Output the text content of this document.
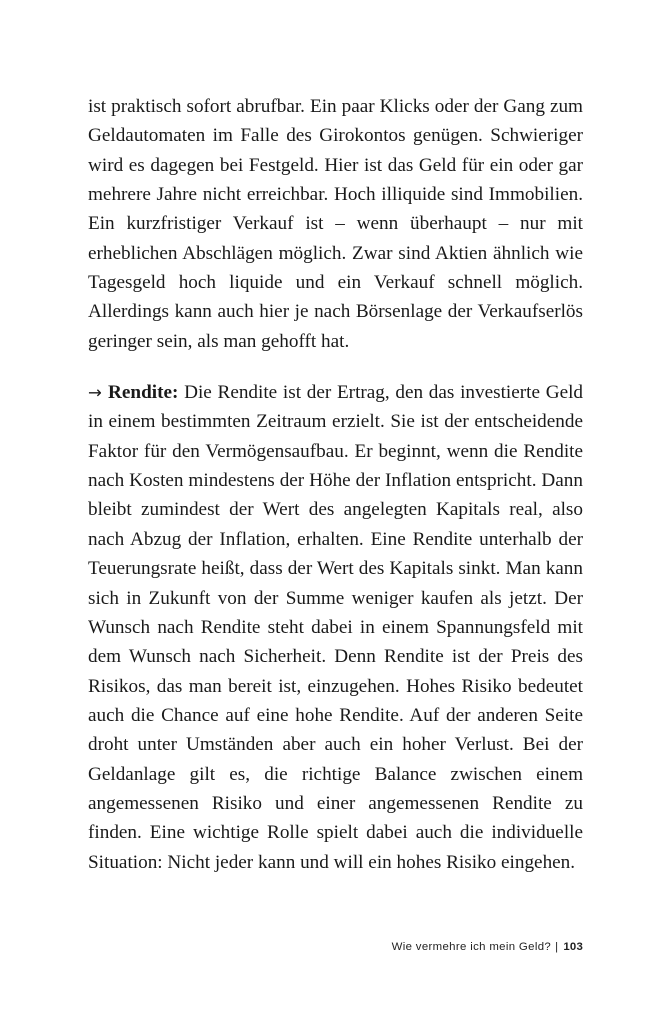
ist praktisch sofort abrufbar. Ein paar Klicks oder der Gang zum Geldautomaten im Falle des Girokontos genügen. Schwieriger wird es dagegen bei Festgeld. Hier ist das Geld für ein oder gar mehrere Jahre nicht erreichbar. Hoch illiquide sind Immobilien. Ein kurzfristiger Verkauf ist – wenn überhaupt – nur mit erheblichen Abschlägen möglich. Zwar sind Aktien ähnlich wie Tagesgeld hoch liquide und ein Verkauf schnell möglich. Allerdings kann auch hier je nach Börsenlage der Verkaufserlös geringer sein, als man gehofft hat.

→ Rendite: Die Rendite ist der Ertrag, den das investierte Geld in einem bestimmten Zeitraum erzielt. Sie ist der entscheidende Faktor für den Vermögensaufbau. Er beginnt, wenn die Rendite nach Kosten mindestens der Höhe der Inflation entspricht. Dann bleibt zumindest der Wert des angelegten Kapitals real, also nach Abzug der Inflation, erhalten. Eine Rendite unterhalb der Teuerungsrate heißt, dass der Wert des Kapitals sinkt. Man kann sich in Zukunft von der Summe weniger kaufen als jetzt. Der Wunsch nach Rendite steht dabei in einem Spannungsfeld mit dem Wunsch nach Sicherheit. Denn Rendite ist der Preis des Risikos, das man bereit ist, einzugehen. Hohes Risiko bedeutet auch die Chance auf eine hohe Rendite. Auf der anderen Seite droht unter Umständen aber auch ein hoher Verlust. Bei der Geldanlage gilt es, die richtige Balance zwischen einem angemessenen Risiko und einer angemessenen Rendite zu finden. Eine wichtige Rolle spielt dabei auch die individuelle Situation: Nicht jeder kann und will ein hohes Risiko eingehen.

Wie vermehre ich mein Geld? | 103
